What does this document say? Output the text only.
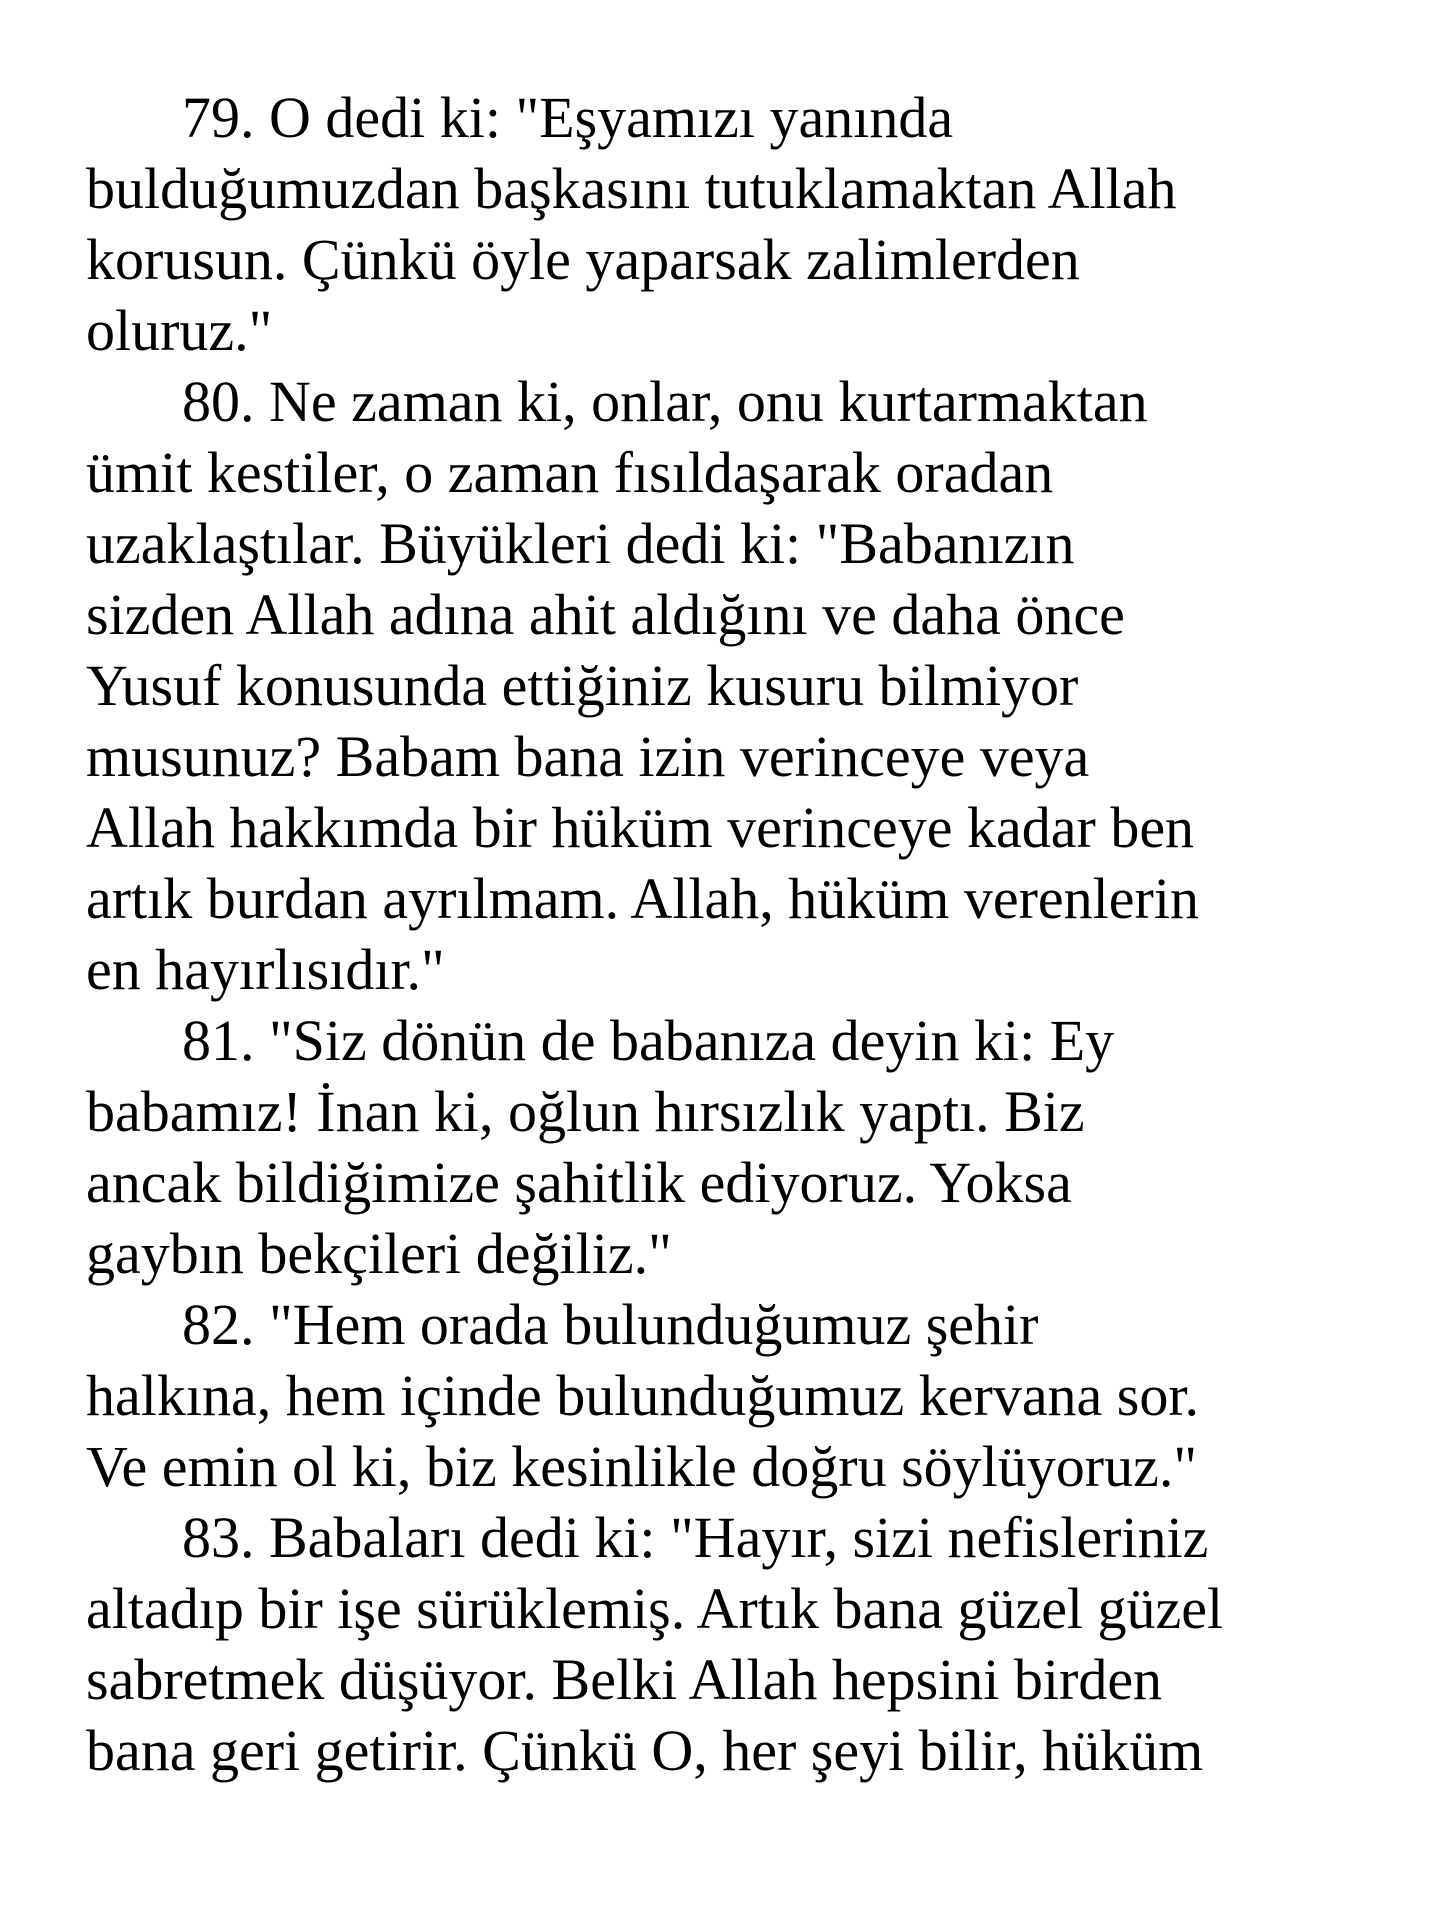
79. O dedi ki: "Eşyamızı yanında
bulduğumuzdan başkasını tutuklamaktan Allah
korusun. Çünkü öyle yaparsak zalimlerden
oluruz."
80. Ne zaman ki, onlar, onu kurtarmaktan
ümit kestiler, o zaman fısıldaşarak oradan
uzaklaştılar. Büyükleri dedi ki: "Babanızın
sizden Allah adına ahit aldığını ve daha önce
Yusuf konusunda ettiğiniz kusuru bilmiyor
musunuz? Babam bana izin verinceye veya
Allah hakkımda bir hüküm verinceye kadar ben
artık burdan ayrılmam. Allah, hüküm verenlerin
en hayırlısıdır."
81. "Siz dönün de babanıza deyin ki: Ey
babamız! İnan ki, oğlun hırsızlık yaptı. Biz
ancak bildiğimize şahitlik ediyoruz. Yoksa
gaybın bekçileri değiliz."
82. "Hem orada bulunduğumuz şehir
halkına, hem içinde bulunduğumuz kervana sor.
Ve emin ol ki, biz kesinlikle doğru söylüyoruz."
83. Babaları dedi ki: "Hayır, sizi nefisleriniz
altadıp bir işe sürüklemiş. Artık bana güzel güzel
sabretmek düşüyor. Belki Allah hepsini birden
bana geri getirir. Çünkü O, her şeyi bilir, hüküm
